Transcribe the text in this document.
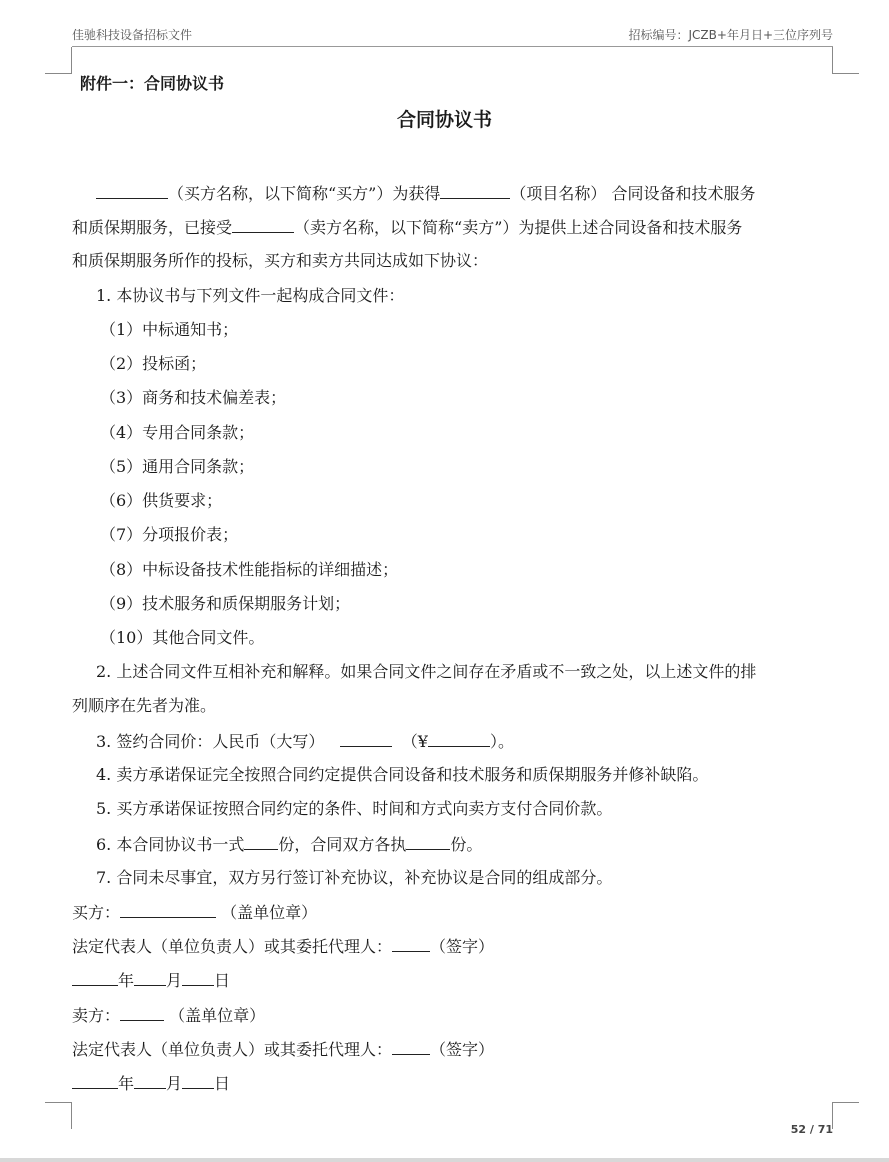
佳驰科技设备招标文件	招标编号：JCZB+年月日+三位序列号
附件一：合同协议书
合同协议书
（买方名称，以下简称“买方”）为获得	（项目名称） 合同设备和技术服务
和质保期服务，已接受	（卖方名称，以下简称“卖方”）为提供上述合同设备和技术服务
和质保期服务所作的投标，买方和卖方共同达成如下协议：
1. 本协议书与下列文件一起构成合同文件：
（1）中标通知书；
（2）投标函；
（3）商务和技术偏差表；
（4）专用合同条款；
（5）通用合同条款；
（6）供货要求；
（7）分项报价表；
（8）中标设备技术性能指标的详细描述；
（9）技术服务和质保期服务计划；
（10）其他合同文件。
2. 上述合同文件互相补充和解释。如果合同文件之间存在矛盾或不一致之处，以上述文件的排
列顺序在先者为准。
3. 签约合同价：人民币（大写）	（¥	）。
4. 卖方承诺保证完全按照合同约定提供合同设备和技术服务和质保期服务并修补缺陷。
5. 买方承诺保证按照合同约定的条件、时间和方式向卖方支付合同价款。
6. 本合同协议书一式 份，合同双方各执	份。
7. 合同未尽事宜，双方另行签订补充协议，补充协议是合同的组成部分。
买方：	（盖单位章）
法定代表人（单位负责人）或其委托代理人： （签字）
年 月 日
卖方：	（盖单位章）
法定代表人（单位负责人）或其委托代理人： （签字）
年 月 日
52 / 71
